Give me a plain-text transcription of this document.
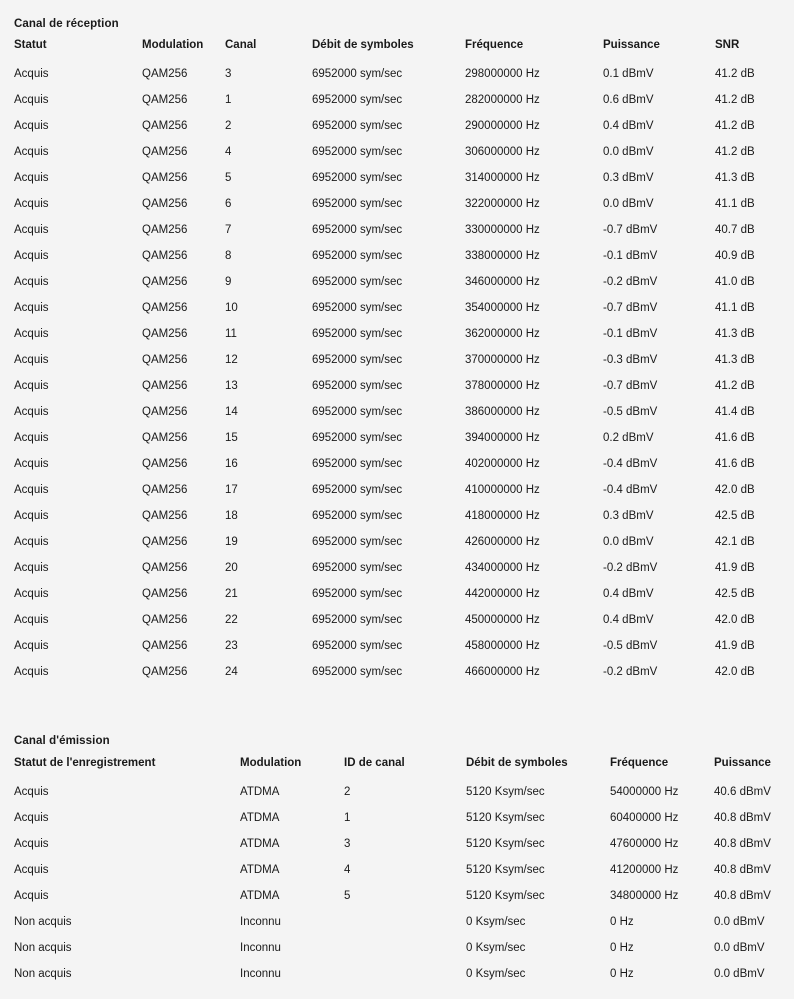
Canal de réception
Statut	Modulation	Canal	Débit de symboles	Fréquence	Puissance	SNR
Acquis	QAM256	3	6952000 sym/sec	298000000 Hz	0.1 dBmV	41.2 dB
Acquis	QAM256	1	6952000 sym/sec	282000000 Hz	0.6 dBmV	41.2 dB
Acquis	QAM256	2	6952000 sym/sec	290000000 Hz	0.4 dBmV	41.2 dB
Acquis	QAM256	4	6952000 sym/sec	306000000 Hz	0.0 dBmV	41.2 dB
Acquis	QAM256	5	6952000 sym/sec	314000000 Hz	0.3 dBmV	41.3 dB
Acquis	QAM256	6	6952000 sym/sec	322000000 Hz	0.0 dBmV	41.1 dB
Acquis	QAM256	7	6952000 sym/sec	330000000 Hz	-0.7 dBmV	40.7 dB
Acquis	QAM256	8	6952000 sym/sec	338000000 Hz	-0.1 dBmV	40.9 dB
Acquis	QAM256	9	6952000 sym/sec	346000000 Hz	-0.2 dBmV	41.0 dB
Acquis	QAM256	10	6952000 sym/sec	354000000 Hz	-0.7 dBmV	41.1 dB
Acquis	QAM256	11	6952000 sym/sec	362000000 Hz	-0.1 dBmV	41.3 dB
Acquis	QAM256	12	6952000 sym/sec	370000000 Hz	-0.3 dBmV	41.3 dB
Acquis	QAM256	13	6952000 sym/sec	378000000 Hz	-0.7 dBmV	41.2 dB
Acquis	QAM256	14	6952000 sym/sec	386000000 Hz	-0.5 dBmV	41.4 dB
Acquis	QAM256	15	6952000 sym/sec	394000000 Hz	0.2 dBmV	41.6 dB
Acquis	QAM256	16	6952000 sym/sec	402000000 Hz	-0.4 dBmV	41.6 dB
Acquis	QAM256	17	6952000 sym/sec	410000000 Hz	-0.4 dBmV	42.0 dB
Acquis	QAM256	18	6952000 sym/sec	418000000 Hz	0.3 dBmV	42.5 dB
Acquis	QAM256	19	6952000 sym/sec	426000000 Hz	0.0 dBmV	42.1 dB
Acquis	QAM256	20	6952000 sym/sec	434000000 Hz	-0.2 dBmV	41.9 dB
Acquis	QAM256	21	6952000 sym/sec	442000000 Hz	0.4 dBmV	42.5 dB
Acquis	QAM256	22	6952000 sym/sec	450000000 Hz	0.4 dBmV	42.0 dB
Acquis	QAM256	23	6952000 sym/sec	458000000 Hz	-0.5 dBmV	41.9 dB
Acquis	QAM256	24	6952000 sym/sec	466000000 Hz	-0.2 dBmV	42.0 dB
Canal d'émission
Statut de l'enregistrement	Modulation	ID de canal	Débit de symboles	Fréquence	Puissance
Acquis	ATDMA	2	5120 Ksym/sec	54000000 Hz	40.6 dBmV
Acquis	ATDMA	1	5120 Ksym/sec	60400000 Hz	40.8 dBmV
Acquis	ATDMA	3	5120 Ksym/sec	47600000 Hz	40.8 dBmV
Acquis	ATDMA	4	5120 Ksym/sec	41200000 Hz	40.8 dBmV
Acquis	ATDMA	5	5120 Ksym/sec	34800000 Hz	40.8 dBmV
Non acquis	Inconnu		0 Ksym/sec	0 Hz	0.0 dBmV
Non acquis	Inconnu		0 Ksym/sec	0 Hz	0.0 dBmV
Non acquis	Inconnu		0 Ksym/sec	0 Hz	0.0 dBmV
